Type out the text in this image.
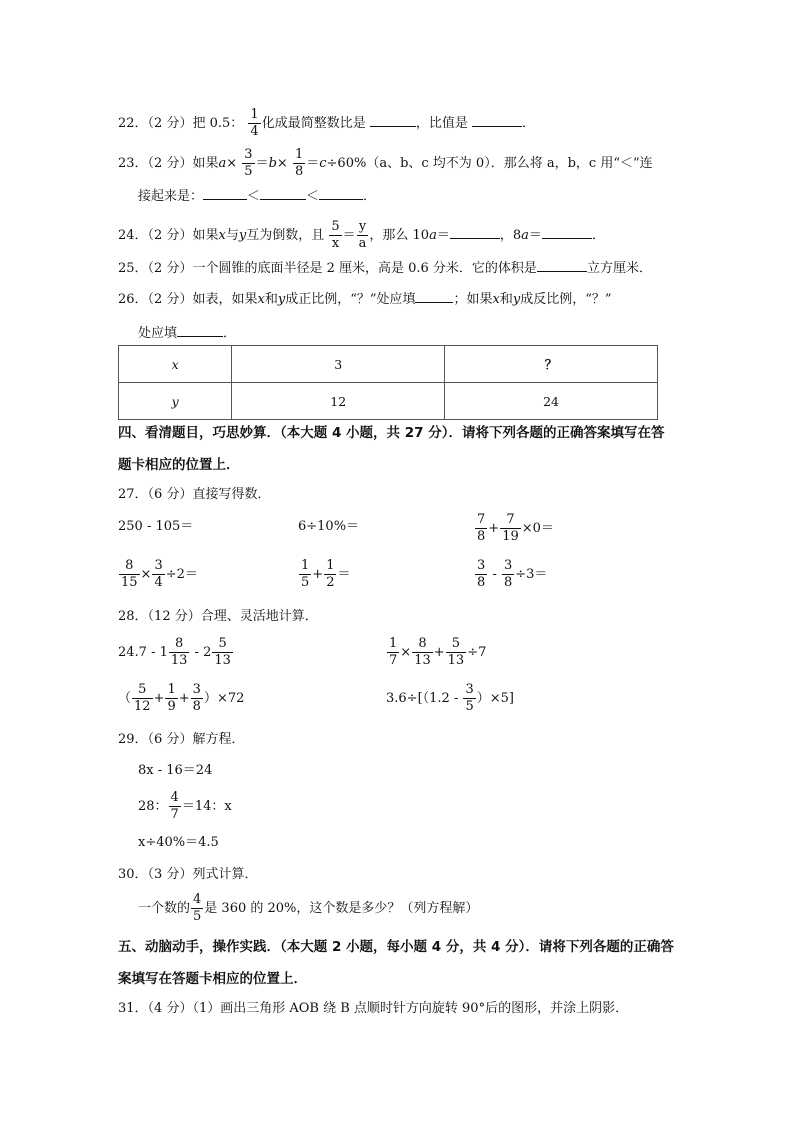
22．（2 分）把 0.5： $\frac{1}{4}$ 化成最简整数比是	，比值是	．
23．（2 分）如果$a\times \frac{3}{5} =b\times \frac{1}{8} =c\div 60\%(a$、b、c 均不为 0）．那么将 a，b，c 用“＜”连
接起来是：	＜	＜	．
24．（2 分）如果x与y互为倒数，且 $\frac{5}{x} = \frac{y}{a}$ ，那么 10a＝	，8a＝	．
25．（2 分）一个圆锥的底面半径是 2 厘米，高是 0.6 分米．它的体积是	立方厘米．
26．（2 分）如表，如果x和y成正比例，“？”处应填	；如果x和y成反比例，“？”
处应填	．
x	3	？
y	12	24
四、看清题目，巧思妙算．（本大题 4 小题，共 27 分）．请将下列各题的正确答案填写在答
题卡相应的位置上．
27．（6 分）直接写得数．
250 - 105＝	6÷10%＝	$\frac{7}{8} + \frac{7}{19} \times 0=$
$\frac{8}{15} \times \frac{3}{4} \div 2=$	$\frac{1}{5} + \frac{1}{2}$ ＝	$\frac{3}{8} - \frac{3}{8} \div 3=$
28．（12 分）合理、灵活地计算．
$24.7 - 1 \frac{8}{13} - 2 \frac{5}{13}$	$\frac{1}{7} \times \frac{8}{13} + \frac{5}{13} \div 7$
（ $\frac{5}{12} + \frac{1}{9} + \frac{3}{8} )\times 72$	$3.6\div[(1.2 - \frac{3}{5} )\times 5]$
29．（6 分）解方程．
8x - 16＝24
28： $\frac{4}{7} =14$：x
x÷40%＝4.5
30．（3 分）列式计算．
一个数的 $\frac{4}{5}$ 是 360 的 20%，这个数是多少？（列方程解）
五、动脑动手，操作实践．（本大题 2 小题，每小题 4 分，共 4 分）．请将下列各题的正确答
案填写在答题卡相应的位置上．
31．（4 分）（1）画出三角形 AOB 绕 B 点顺时针方向旋转 90°后的图形，并涂上阴影．
